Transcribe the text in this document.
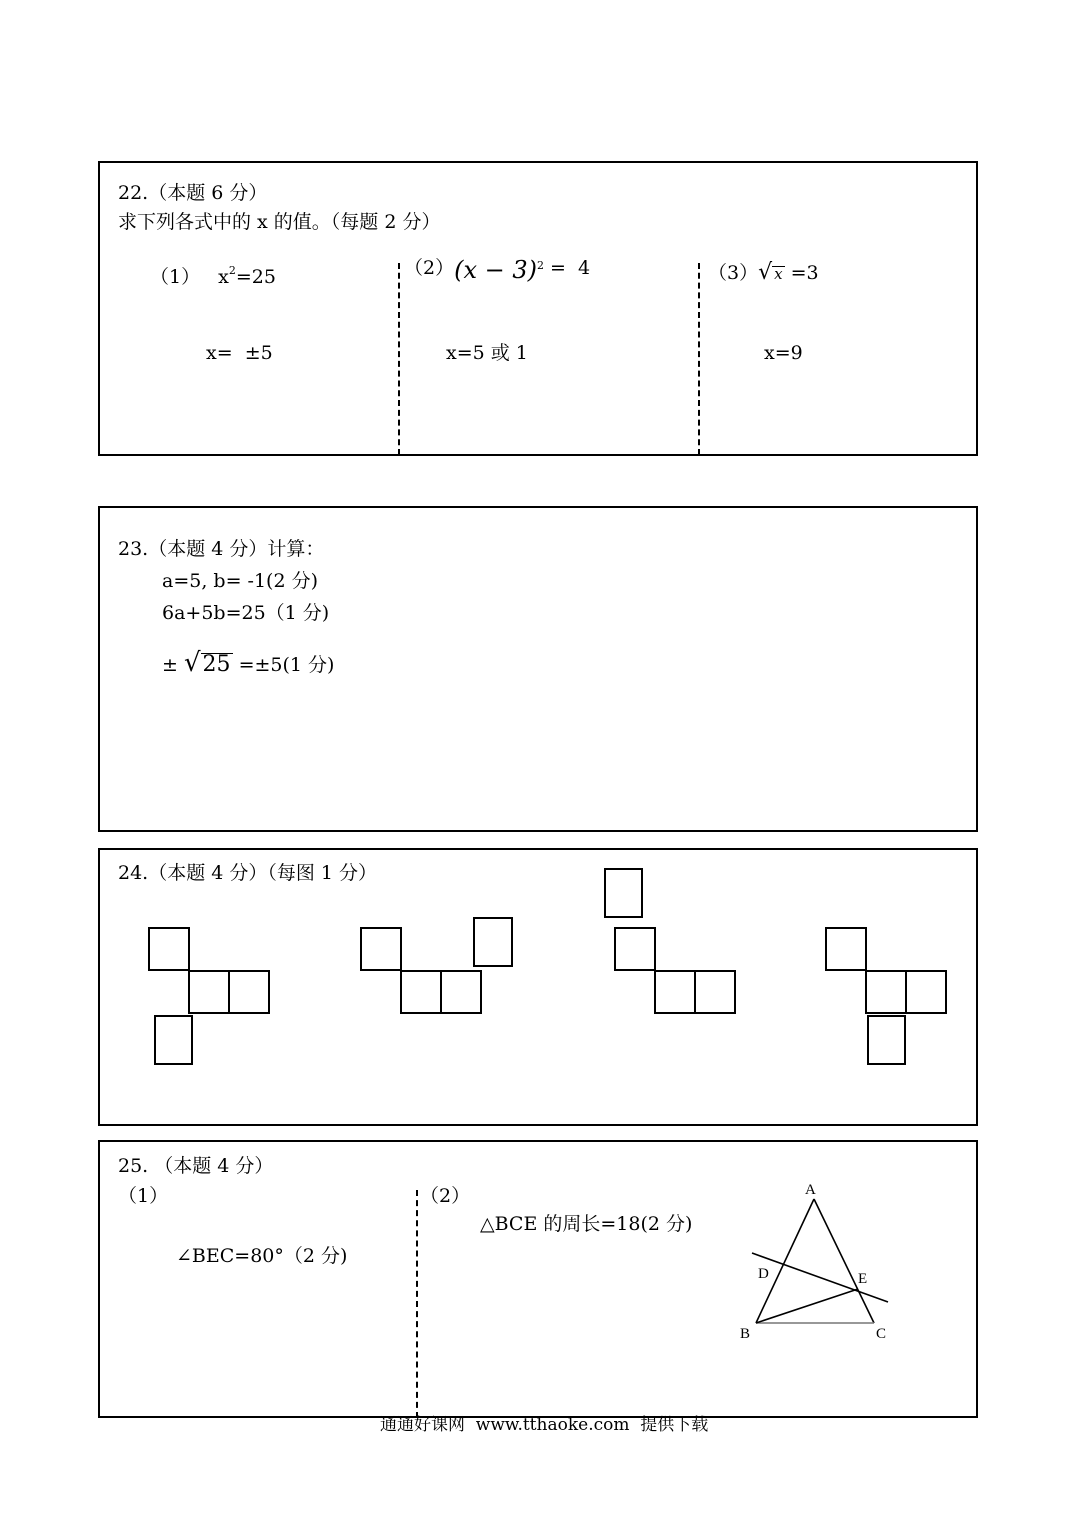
22.（本题 6 分）
求下列各式中的 x 的值。（每题 2 分）
（1） $x^2=25$
x=  ±5
$(2)(x - 3)^2 = 4$
x=5 或 1
（3）√ x =3
x=9
23.（本题 4 分）计算：
a=5, b= -1(2 分)
6a+5b=25（1 分)
± √25 =±5(1 分)
24.（本题 4 分）（每图 1 分）
25. （本题 4 分）
（1）
∠BEC=80°（2 分)
（2）
△BCE 的周长=18(2 分)
A
D	E
B	C
通通好课网  www.tthaoke.com  提供下载
